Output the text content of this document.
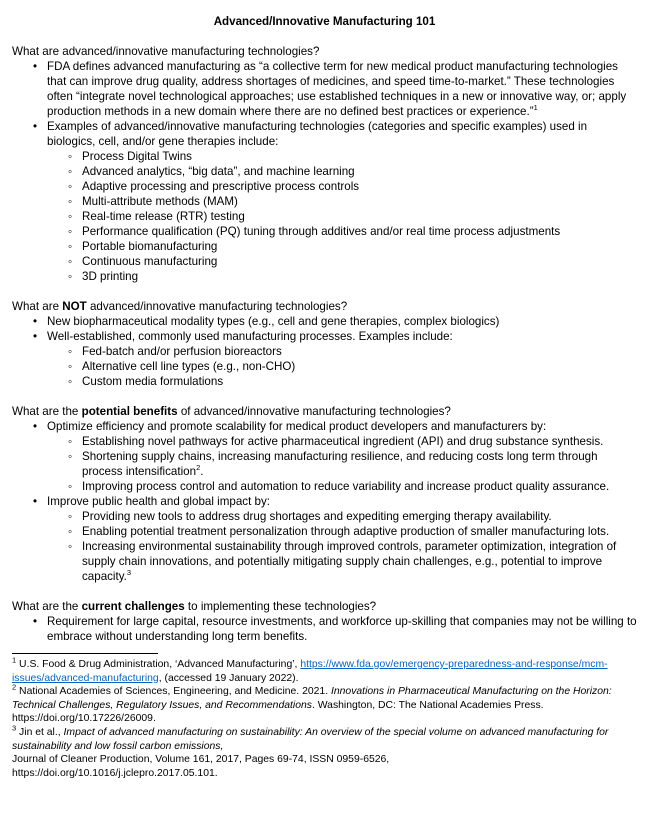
Advanced/Innovative Manufacturing 101

What are advanced/innovative manufacturing technologies?

• FDA defines advanced manufacturing as “a collective term for new medical product manufacturing technologies that can improve drug quality, address shortages of medicines, and speed time-to-market.” These technologies often “integrate novel technological approaches; use established techniques in a new or innovative way, or; apply production methods in a new domain where there are no defined best practices or experience.”$^1$
• Examples of advanced/innovative manufacturing technologies (categories and specific examples) used in biologics, cell, and/or gene therapies include:
◦ Process Digital Twins
◦ Advanced analytics, “big data”, and machine learning
◦ Adaptive processing and prescriptive process controls
◦ Multi-attribute methods (MAM)
◦ Real-time release (RTR) testing
◦ Performance qualification (PQ) tuning through additives and/or real time process adjustments
◦ Portable biomanufacturing
◦ Continuous manufacturing
◦ 3D printing

What are NOT advanced/innovative manufacturing technologies?

• New biopharmaceutical modality types (e.g., cell and gene therapies, complex biologics)
• Well-established, commonly used manufacturing processes. Examples include:
◦ Fed-batch and/or perfusion bioreactors
◦ Alternative cell line types (e.g., non-CHO)
◦ Custom media formulations

What are the potential benefits of advanced/innovative manufacturing technologies?

• Optimize efficiency and promote scalability for medical product developers and manufacturers by:
◦ Establishing novel pathways for active pharmaceutical ingredient (API) and drug substance synthesis.
◦ Shortening supply chains, increasing manufacturing resilience, and reducing costs long term through process intensification$^2$.
◦ Improving process control and automation to reduce variability and increase product quality assurance.
• Improve public health and global impact by:
◦ Providing new tools to address drug shortages and expediting emerging therapy availability.
◦ Enabling potential treatment personalization through adaptive production of smaller manufacturing lots.
◦ Increasing environmental sustainability through improved controls, parameter optimization, integration of supply chain innovations, and potentially mitigating supply chain challenges, e.g., potential to improve capacity.$^3$

What are the current challenges to implementing these technologies?

• Requirement for large capital, resource investments, and workforce up-skilling that companies may not be willing to embrace without understanding long term benefits.

$^1$ U.S. Food & Drug Administration, ‘Advanced Manufacturing’, https://www.fda.gov/emergency-preparedness-and-response/mcm-issues/advanced-manufacturing, (accessed 19 January 2022).

$^2$ National Academies of Sciences, Engineering, and Medicine. 2021. Innovations in Pharmaceutical Manufacturing on the Horizon: Technical Challenges, Regulatory Issues, and Recommendations. Washington, DC: The National Academies Press. https://doi.org/10.17226/26009.

$^3$ Jin et al., Impact of advanced manufacturing on sustainability: An overview of the special volume on advanced manufacturing for sustainability and low fossil carbon emissions,
Journal of Cleaner Production, Volume 161, 2017, Pages 69-74, ISSN 0959-6526,
https://doi.org/10.1016/j.jclepro.2017.05.101.
